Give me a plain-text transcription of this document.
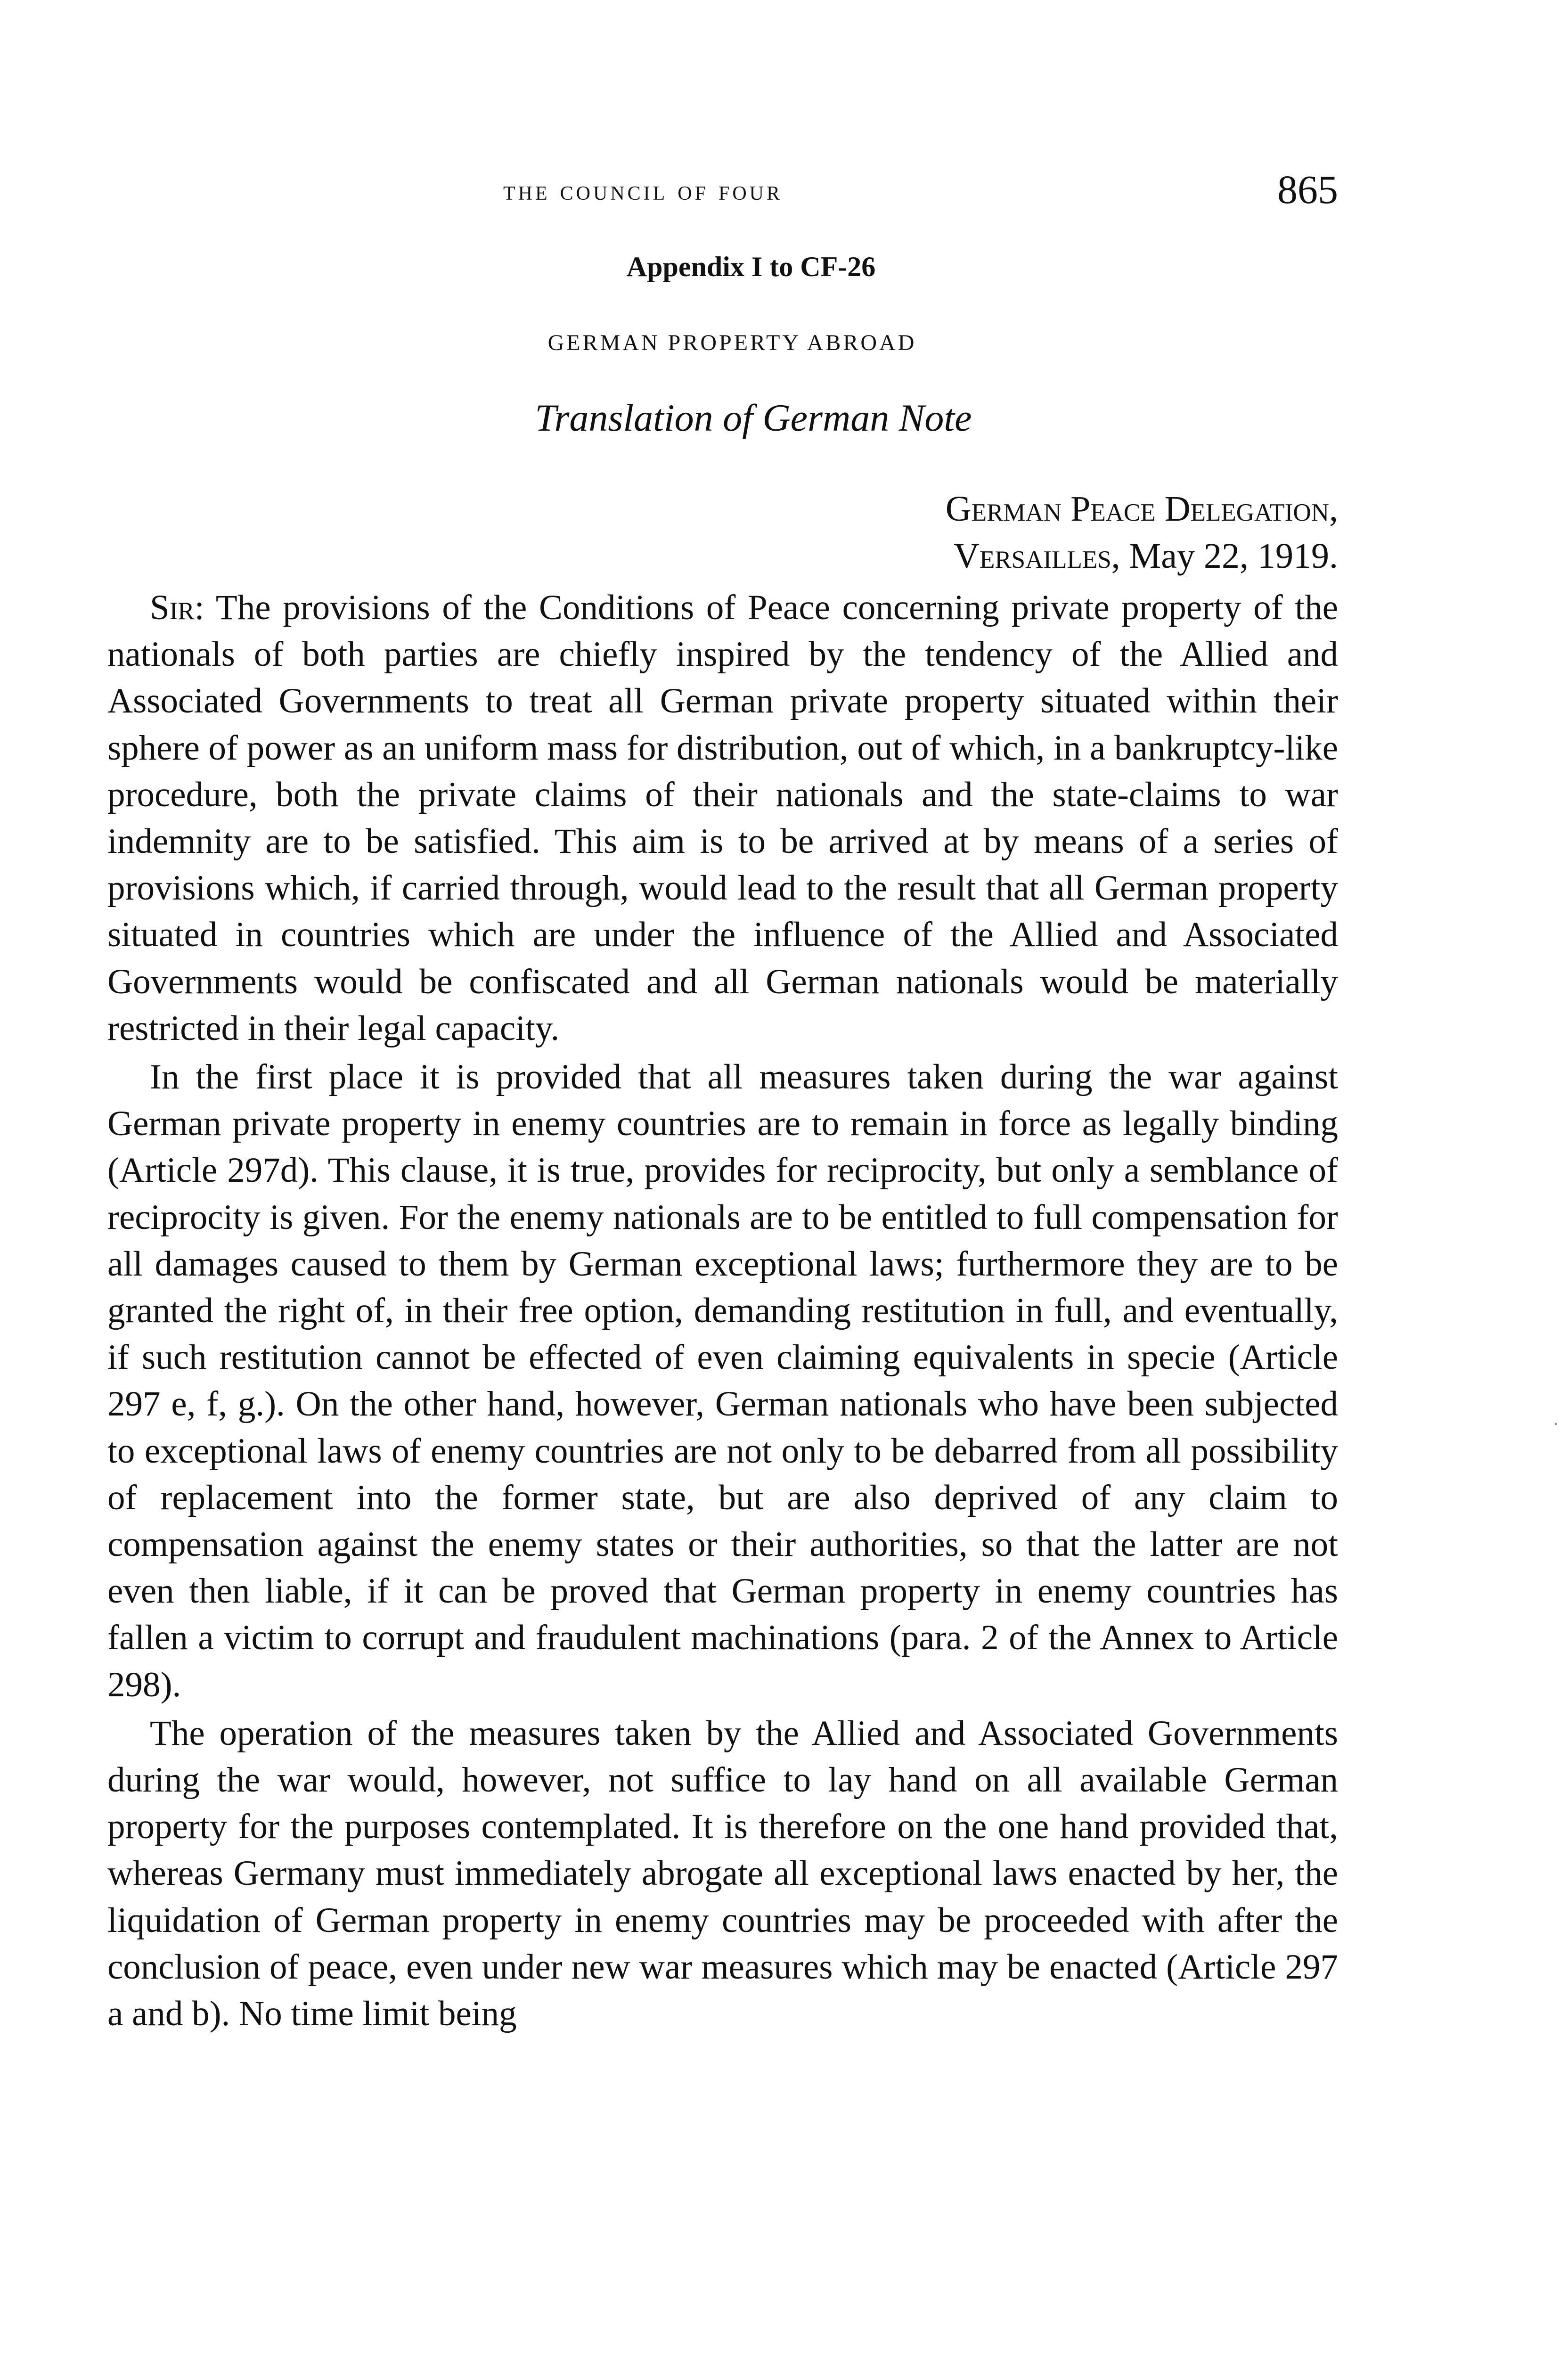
the council of four	865
Appendix I to CF-26
GERMAN PROPERTY ABROAD
Translation of German Note
German Peace Delegation,
Versailles, May 22, 1919.

Sir: The provisions of the Conditions of Peace concerning private property of the nationals of both parties are chiefly inspired by the tendency of the Allied and Associated Governments to treat all German private property situated within their sphere of power as an uniform mass for distribution, out of which, in a bankruptcy-like procedure, both the private claims of their nationals and the state-claims to war indemnity are to be satisfied. This aim is to be arrived at by means of a series of provisions which, if carried through, would lead to the result that all German property situated in countries which are under the influence of the Allied and Associated Governments would be confiscated and all German nationals would be materially restricted in their legal capacity.

In the first place it is provided that all measures taken during the war against German private property in enemy countries are to remain in force as legally binding (Article 297d). This clause, it is true, provides for reciprocity, but only a semblance of reciprocity is given. For the enemy nationals are to be entitled to full compensation for all damages caused to them by German exceptional laws; furthermore they are to be granted the right of, in their free option, demanding restitution in full, and eventually, if such restitution cannot be effected of even claiming equivalents in specie (Article 297 e, f, g.). On the other hand, however, German nationals who have been subjected to exceptional laws of enemy countries are not only to be debarred from all possibility of replacement into the former state, but are also deprived of any claim to compensation against the enemy states or their authorities, so that the latter are not even then liable, if it can be proved that German property in enemy countries has fallen a victim to corrupt and fraudulent machinations (para. 2 of the Annex to Article 298).

The operation of the measures taken by the Allied and Associated Governments during the war would, however, not suffice to lay hand on all available German property for the purposes contemplated. It is therefore on the one hand provided that, whereas Germany must immediately abrogate all exceptional laws enacted by her, the liquidation of German property in enemy countries may be proceeded with after the conclusion of peace, even under new war measures which may be enacted (Article 297 a and b). No time limit being
